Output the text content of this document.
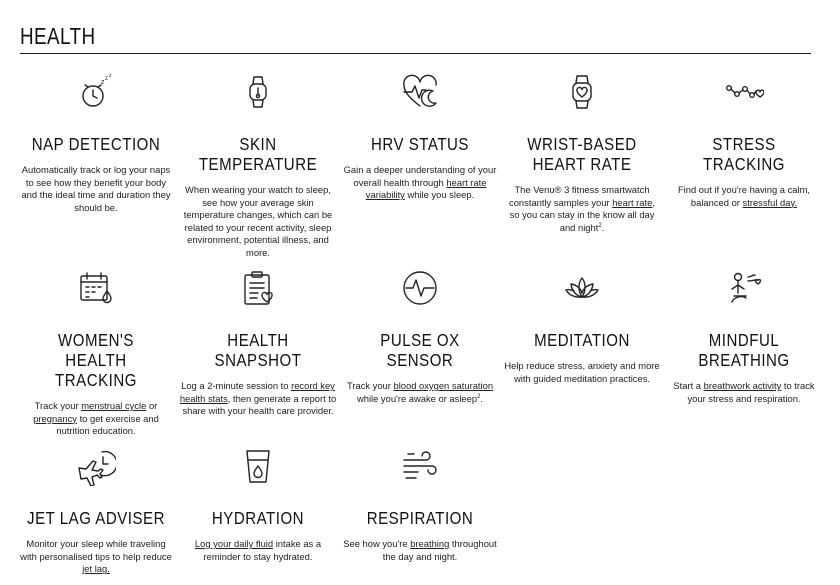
HEALTH
z z z
NAP DETECTION
Automatically track or log your naps to see how they benefit your body and the ideal time and duration they should be.
SKIN TEMPERATURE
When wearing your watch to sleep, see how your average skin temperature changes, which can be related to your recent activity, sleep environment, potential illness, and more.
HRV STATUS
Gain a deeper understanding of your overall health through heart rate variability while you sleep.
WRIST-BASED HEART RATE
The Venu® 3 fitness smartwatch constantly samples your heart rate, so you can stay in the know all day and night$^2$.
STRESS TRACKING
Find out if you're having a calm, balanced or stressful day.
WOMEN'S HEALTH TRACKING
Track your menstrual cycle or pregnancy to get exercise and nutrition education.
HEALTH SNAPSHOT
Log a 2-minute session to record key health stats, then generate a report to share with your health care provider.
PULSE OX SENSOR
Track your blood oxygen saturation while you're awake or asleep$^2$.
MEDITATION
Help reduce stress, anxiety and more with guided meditation practices.
MINDFUL BREATHING
Start a breathwork activity to track your stress and respiration.
JET LAG ADVISER
Monitor your sleep while traveling with personalised tips to help reduce jet lag.
HYDRATION
Log your daily fluid intake as a reminder to stay hydrated.
RESPIRATION
See how you're breathing throughout the day and night.
